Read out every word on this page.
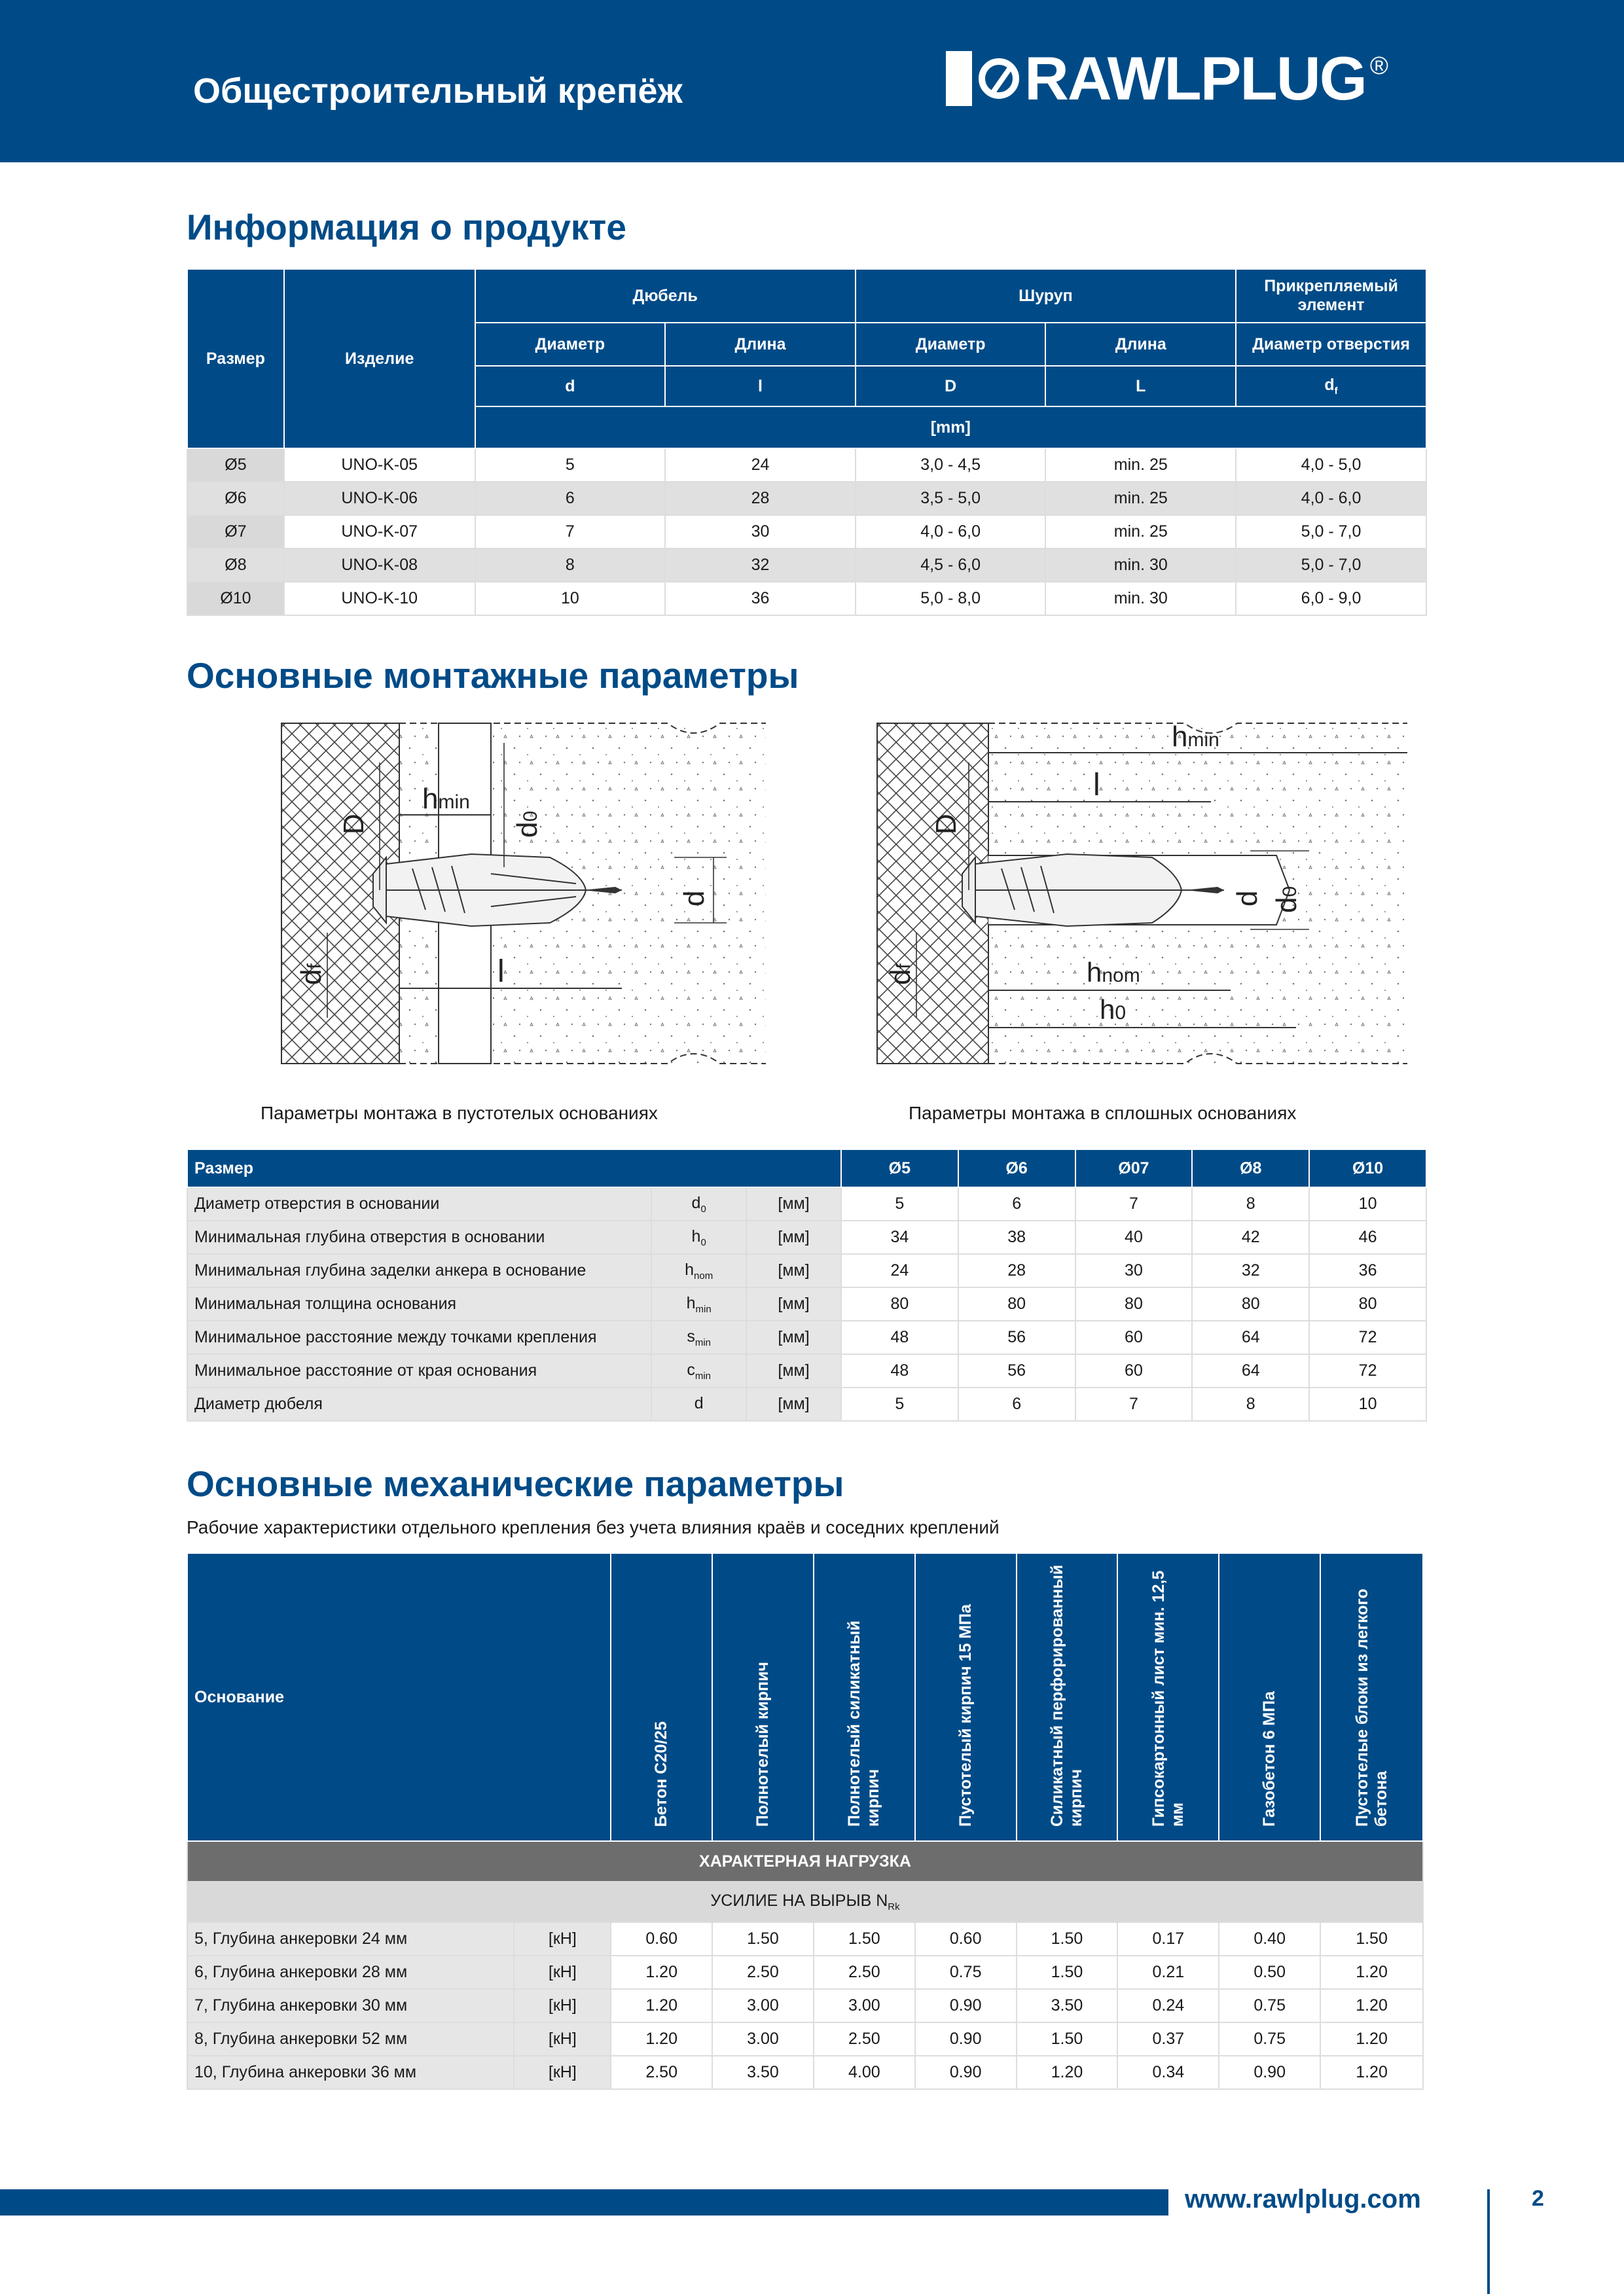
Общестроительный крепёж	RAWLPLUG ®
Информация о продукте
Размер	Изделие	Дюбель		Шуруп		Прикрепляемый элемент
		Диаметр	Длина	Диаметр	Длина	Диаметр отверстия
		d	l	D	L	$d_f$
		[mm]				
Ø5	UNO-K-05	5	24	3,0 - 4,5	min. 25	4,0 - 5,0
Ø6	UNO-K-06	6	28	3,5 - 5,0	min. 25	4,0 - 6,0
Ø7	UNO-K-07	7	30	4,0 - 6,0	min. 25	5,0 - 7,0
Ø8	UNO-K-08	8	32	4,5 - 6,0	min. 30	5,0 - 7,0
Ø10	UNO-K-10	10	36	5,0 - 8,0	min. 30	6,0 - 9,0
Основные монтажные параметры
hmin
D	d0
d
df	l
Параметры монтажа в пустотелых основаниях
hmin
l
D
d d0
df	hnom
h0
Параметры монтажа в сплошных основаниях
Размер			Ø5	Ø6	Ø07	Ø8	Ø10
Диаметр отверстия в основании	$d_0$	[мм]	5	6	7	8	10
Минимальная глубина отверстия в основании	$h_0$	[мм]	34	38	40	42	46
Минимальная глубина заделки анкера в основание	$h_{nom}$	[мм]	24	28	30	32	36
Минимальная толщина основания	$h_{min}$	[мм]	80	80	80	80	80
Минимальное расстояние между точками крепления	$s_{min}$	[мм]	48	56	60	64	72
Минимальное расстояние от края основания	$c_{min}$	[мм]	48	56	60	64	72
Диаметр дюбеля	d	[мм]	5	6	7	8	10
Основные механические параметры
Рабочие характеристики отдельного крепления без учета влияния краёв и соседних креплений
Основание		Бетон C20/25	Полнотелый кирпич	Полнотелый силикатный кирпич	Пустотелый кирпич 15 МПа	Силикатный перфорированный кирпич	Гипсокартонный лист мин. 12,5 мм	Газобетон 6 МПа	Пустотелые блоки из легкого бетона
ХАРАКТЕРНАЯ НАГРУЗКА									
УСИЛИЕ НА ВЫРЫВ $N_{Rk}$
5, Глубина анкеровки 24 мм	[кН]	0.60	1.50	1.50	0.60	1.50	0.17	0.40	1.50
6, Глубина анкеровки 28 мм	[кН]	1.20	2.50	2.50	0.75	1.50	0.21	0.50	1.20
7, Глубина анкеровки 30 мм	[кН]	1.20	3.00	3.00	0.90	3.50	0.24	0.75	1.20
8, Глубина анкеровки 52 мм	[кН]	1.20	3.00	2.50	0.90	1.50	0.37	0.75	1.20
10, Глубина анкеровки 36 мм	[кН]	2.50	3.50	4.00	0.90	1.20	0.34	0.90	1.20
www.rawlplug.com	2
